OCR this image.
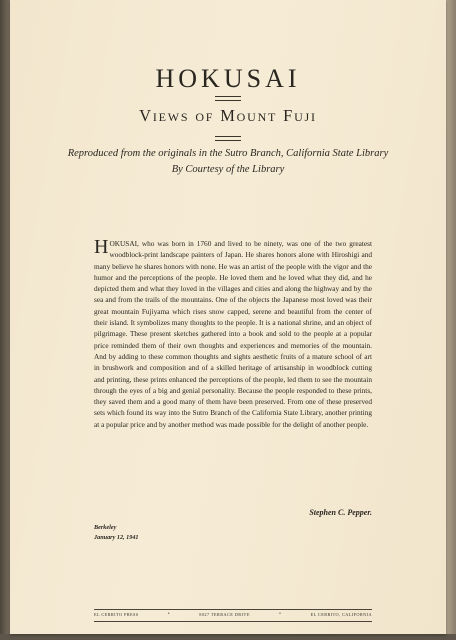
HOKUSAI
Views of Mount Fuji
Reproduced from the originals in the Sutro Branch, California State Library
By Courtesy of the Library

HOKUSAI, who was born in 1760 and lived to be ninety, was one of the two greatest woodblock-print landscape painters of Japan. He shares honors alone with Hiroshigi and many believe he shares honors with none. He was an artist of the people with the vigor and the humor and the perceptions of the people. He loved them and he loved what they did, and he depicted them and what they loved in the villages and cities and along the highway and by the sea and from the trails of the mountains. One of the objects the Japanese most loved was their great mountain Fujiyama which rises snow capped, serene and beautiful from the center of their island. It symbolizes many thoughts to the people. It is a national shrine, and an object of pilgrimage. These present sketches gathered into a book and sold to the people at a popular price reminded them of their own thoughts and experiences and memories of the mountain. And by adding to these common thoughts and sights aesthetic fruits of a mature school of art in brushwork and composition and of a skilled heritage of artisanship in woodblock cutting and printing, these prints enhanced the perceptions of the people, led them to see the mountain through the eyes of a big and genial personality. Because the people responded to these prints, they saved them and a good many of them have been preserved. From one of these preserved sets which found its way into the Sutro Branch of the California State Library, another printing at a popular price and by another method was made possible for the delight of another people.

Stephen C. Pepper.
Berkeley
January 12, 1941
EL CERRITO PRESS	•	8027 TERRACE DRIVE	•	EL CERRITO, CALIFORNIA
